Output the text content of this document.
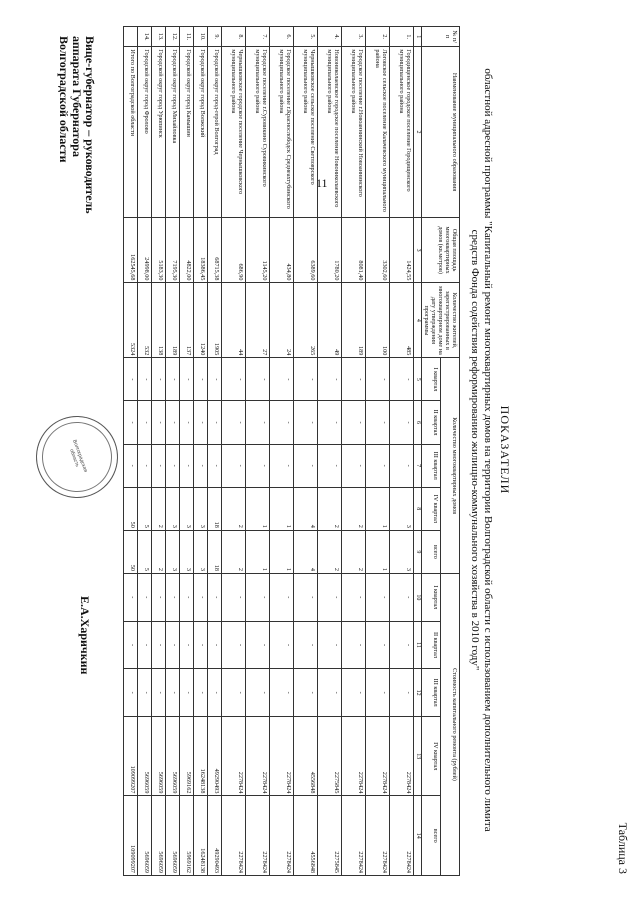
11
Таблица 3
ПОКАЗАТЕЛИ
областной адресной программы "Капитальный ремонт многоквартирных домов на территории Волгоградской области с использованием дополнительного лимита средств Фонда содействия реформированию жилищно-коммунального хозяйства в 2010 году"
№ п/п	Наименование муниципального образования	Общая площадь многоквартирных домов (кв.метров)	Количество жителей, зарегистрированных в многоквартирном доме на дату утверждения программы	Количество многоквартирных домов					Стоимость капитального ремонта (рублей)				
				I квартал	II квартал	III квартал	IV квартал	всего	I квартал	II квартал	III квартал	IV квартал	всего
1	2	3	4	5	6	7	8	9	10	11	12	13	14
1.	Городищенское городское поселение Городищенского муниципального района	1424,55	485	-	-	-	3	3	-	-	-	2278424	2278424
2.	Логовское сельское поселение Калачевского муниципального района	3302,60	100	-	-	-	1	1	-	-	-	2278424	2278424
3.	Городское поселение г.Новоаннинский Новоаннинского муниципального района	8081,40	189	-	-	-	2	2	-	-	-	2278424	2278424
4.	Новониколаевское городское поселение Новониколаевского муниципального района	1780,20	49	-	-	-	2	2	-	-	-	2275845	2275845
5.	Чернышковское сельское поселение Светлоярского муниципального района	6389,60	265	-	-	-	4	4	-	-	-	4556848	4556848
6.	Городское поселение г.Краснослободск Среднеахтубинского муниципального района	434,80	24	-	-	-	1	1	-	-	-	2278424	2278424
7.	Городское поселение г.Суровикино Суровикинского муниципального района	1145,20	27	-	-	-	1	1	-	-	-	2278424	2278424
8.	Чернышковское городское поселение Чернышковского муниципального района	686,90	44	-	-	-	2	2	-	-	-	2278424	2278424
9.	Городской округ город-герой Волгоград	68715,38	1905	-	-	-	18	18	-	-	-	49290493	49290493
10.	Городской округ город Волжский	18386,45	1240	-	-	-	3	3	-	-	-	16248138	16248138
11.	Городской округ город Камышин	4822,00	137	-	-	-	3	3	-	-	-	5969162	5969162
12.	Городской округ город Михайловка	7195,30	189	-	-	-	3	3	-	-	-	5696059	5696059
13.	Городской округ город Урюпинск	5183,30	138	-	-	-	2	2	-	-	-	5696059	5696059
14.	Городской округ город Фролово	24998,00	532	-	-	-	5	5	-	-	-	5696059	5696059
	Итого по Волгоградской области	162545,68	5324	-	-	-	50	50	-	-	-	109099207	109099207
Вице-губернатор – руководитель
аппарата Губернатора
Волгоградской области
Волгоградская область
Е.А.Харичкин
